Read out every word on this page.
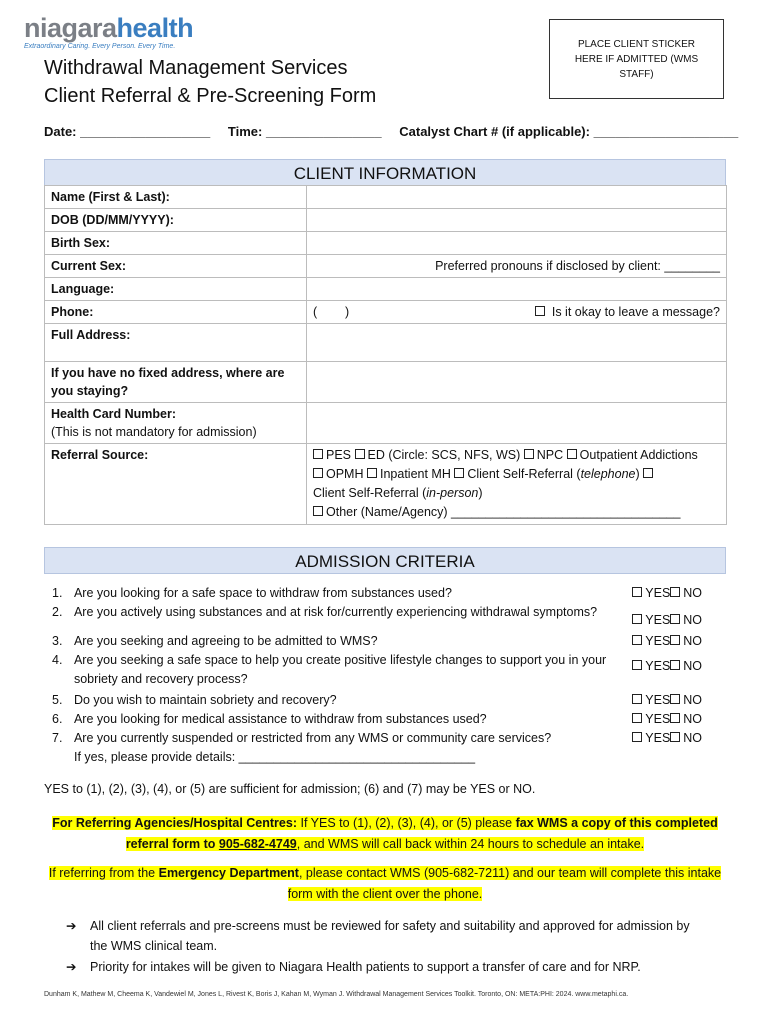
niagarahealth
Extraordinary Caring. Every Person. Every Time.
Withdrawal Management Services
Client Referral & Pre-Screening Form
PLACE CLIENT STICKER HERE IF ADMITTED (WMS STAFF)
Date: __________________ Time: ________________ Catalyst Chart # (if applicable): ____________________
CLIENT INFORMATION
Name (First & Last):	
DOB (DD/MM/YYYY):	
Birth Sex:	
Current Sex:	Preferred pronouns if disclosed by client: ________
Language:	
Phone:	(        ) Is it okay to leave a message?

Full Address:	
If you have no fixed address, where are you staying?	

Health Card Number:
(This is not mandatory for admission)	

Referral Source:	PES ED (Circle: SCS, NFS, WS) NPC Outpatient Addictions
OPMH Inpatient MH Client Self-Referral (telephone)
Client Self-Referral (in-person)
Other (Name/Agency) _________________________________
ADMISSION CRITERIA
1. Are you looking for a safe space to withdraw from substances used?	YES NO
2. Are you actively using substances and at risk for/currently experiencing withdrawal symptoms?
YES NO
3. Are you seeking and agreeing to be admitted to WMS?	YES NO
4. Are you seeking a safe space to help you create positive lifestyle changes to support you in your sobriety and recovery process?
YES NO
5. Do you wish to maintain sobriety and recovery?	YES NO
6. Are you looking for medical assistance to withdraw from substances used?	YES NO
7. Are you currently suspended or restricted from any WMS or community care services?	YES NO
If yes, please provide details: __________________________________
YES to (1), (2), (3), (4), or (5) are sufficient for admission; (6) and (7) may be YES or NO.
For Referring Agencies/Hospital Centres: If YES to (1), (2), (3), (4), or (5) please fax WMS a copy of this completed referral form to 905-682-4749, and WMS will call back within 24 hours to schedule an intake.
If referring from the Emergency Department, please contact WMS (905-682-7211) and our team will complete this intake form with the client over the phone.
➔	All client referrals and pre-screens must be reviewed for safety and suitability and approved for admission by the WMS clinical team.
➔	Priority for intakes will be given to Niagara Health patients to support a transfer of care and for NRP.
Dunham K, Mathew M, Cheema K, Vandewiel M, Jones L, Rivest K, Boris J, Kahan M, Wyman J. Withdrawal Management Services Toolkit. Toronto, ON: META:PHI: 2024. www.metaphi.ca.
